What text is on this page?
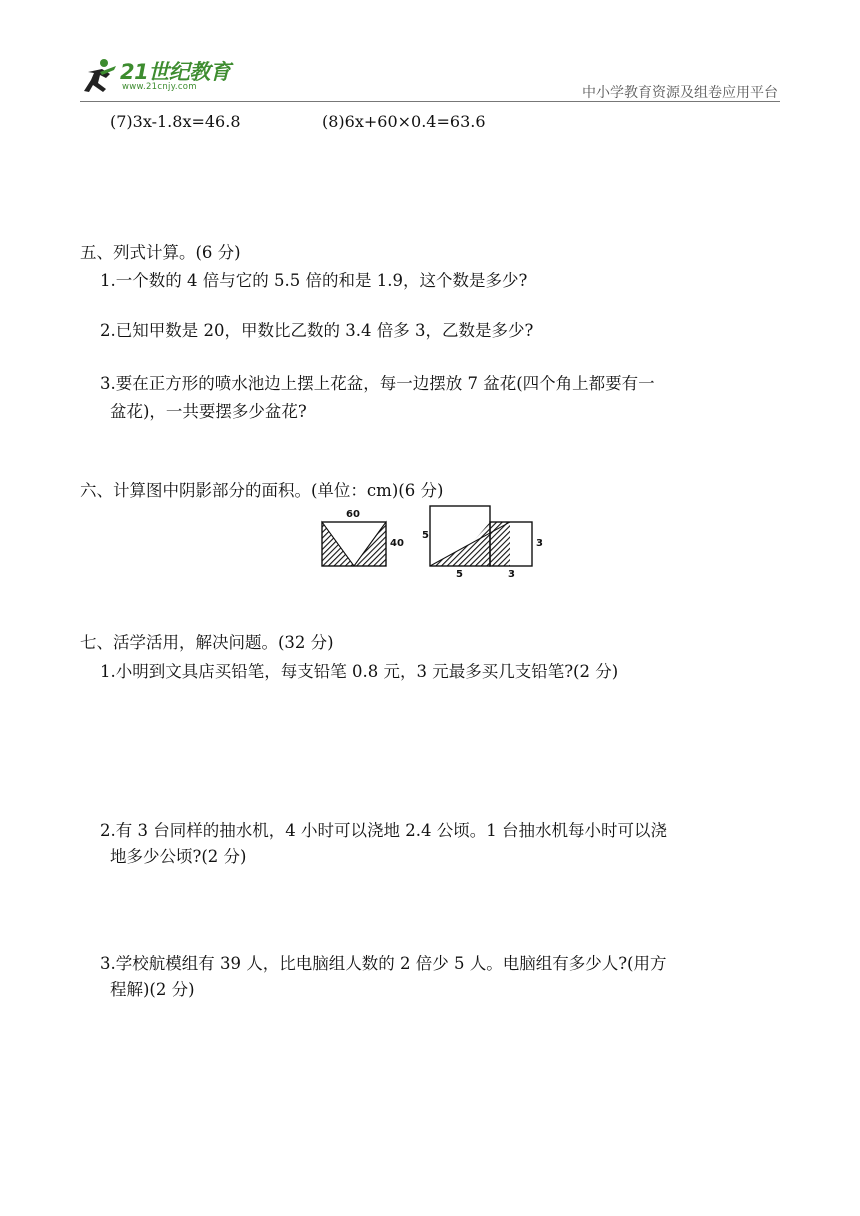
21世纪教育
www.21cnjy.com	中小学教育资源及组卷应用平台
(7)3x-1.8x=46.8	(8)6x+60×0.4=63.6
五、列式计算。(6 分)
1.一个数的 4 倍与它的 5.5 倍的和是 1.9，这个数是多少?
2.已知甲数是 20，甲数比乙数的 3.4 倍多 3，乙数是多少?
3.要在正方形的喷水池边上摆上花盆，每一边摆放 7 盆花(四个角上都要有一
盆花)，一共要摆多少盆花?
六、计算图中阴影部分的面积。(单位：cm)(6 分)
60
40
5
3
5	3
七、活学活用，解决问题。(32 分)
1.小明到文具店买铅笔，每支铅笔 0.8 元，3 元最多买几支铅笔?(2 分)
2.有 3 台同样的抽水机，4 小时可以浇地 2.4 公顷。1 台抽水机每小时可以浇
地多少公顷?(2 分)
3.学校航模组有 39 人，比电脑组人数的 2 倍少 5 人。电脑组有多少人?(用方
程解)(2 分)
